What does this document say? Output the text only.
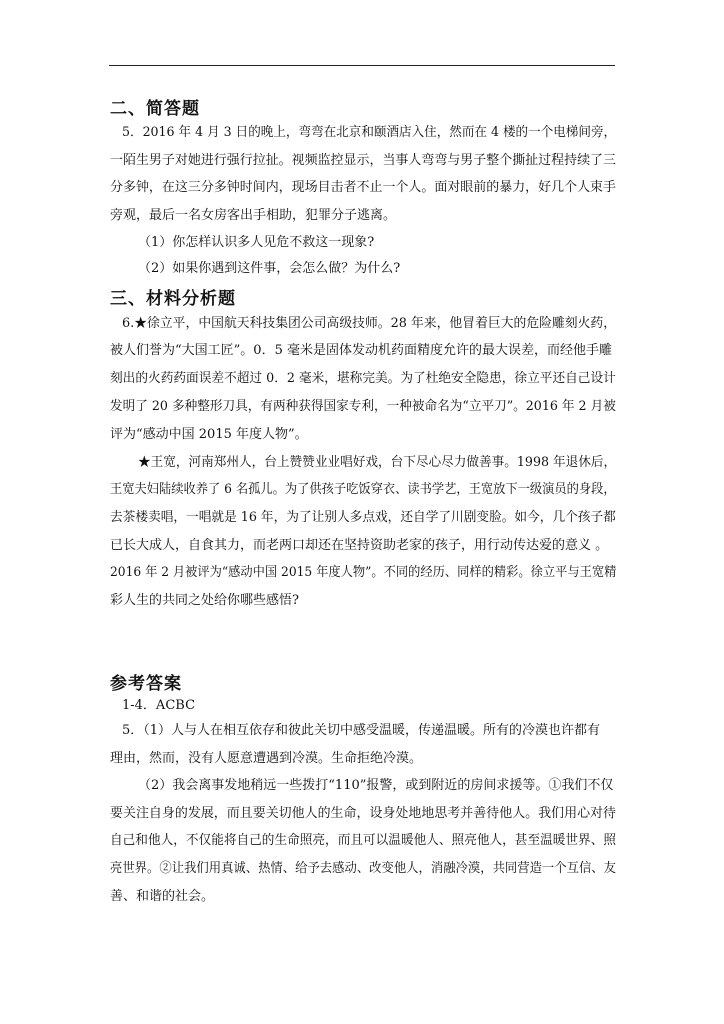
二、简答题
5．2016 年 4 月 3 日的晚上，弯弯在北京和颐酒店入住，然而在 4 楼的一个电梯间旁，
一陌生男子对她进行强行拉扯。视频监控显示，当事人弯弯与男子整个撕扯过程持续了三
分多钟，在这三分多钟时间内，现场目击者不止一个人。面对眼前的暴力，好几个人束手
旁观，最后一名女房客出手相助，犯罪分子逃离。
（1）你怎样认识多人见危不救这一现象?
（2）如果你遇到这件事，会怎么做？为什么?
三、材料分析题
6.★徐立平，中国航天科技集团公司高级技师。28 年来，他冒着巨大的危险雕刻火药，
被人们誉为“大国工匠”。0．5 毫米是固体发动机药面精度允许的最大误差，而经他手雕
刻出的火药药面误差不超过 0．2 毫米，堪称完美。为了杜绝安全隐患，徐立平还自己设计
发明了 20 多种整形刀具，有两种获得国家专利，一种被命名为“立平刀”。2016 年 2 月被
评为“感动中国 2015 年度人物”。
★王宽，河南郑州人，台上赞赞业业唱好戏，台下尽心尽力做善事。1998 年退休后，
王宽夫妇陆续收养了 6 名孤儿。为了供孩子吃饭穿衣、读书学艺，王宽放下一级演员的身段，
去茶楼卖唱，一唱就是 16 年，为了让别人多点戏，还自学了川剧变脸。如今，几个孩子都
已长大成人，自食其力，而老两口却还在坚持资助老家的孩子，用行动传达爱的意义 。
2016 年 2 月被评为“感动中国 2015 年度人物”。不同的经历、同样的精彩。徐立平与王宽精
彩人生的共同之处给你哪些感悟?
参考答案
1-4．ACBC
5．（1）人与人在相互依存和彼此关切中感受温暖，传递温暖。所有的冷漠也许都有
理由，然而，没有人愿意遭遇到冷漠。生命拒绝冷漠。
（2）我会离事发地稍远一些拨打“110”报警，或到附近的房间求援等。①我们不仅
要关注自身的发展，而且要关切他人的生命，设身处地地思考并善待他人。我们用心对待
自己和他人，不仅能将自己的生命照亮，而且可以温暖他人、照亮他人，甚至温暖世界、照
亮世界。②让我们用真诚、热情、给予去感动、改变他人，消融冷漠，共同营造一个互信、友
善、和谐的社会。
